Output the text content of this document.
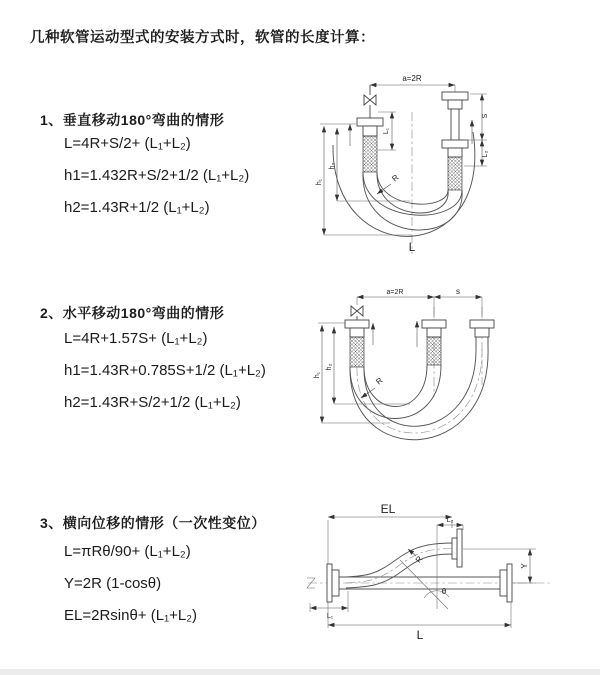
几种软管运动型式的安装方式时，软管的长度计算：
1、垂直移动180°弯曲的情形
L=4R+S/2+ (L₁+L₂)
h1=1.432R+S/2+1/2 (L₁+L₂)
h2=1.43R+1/2 (L₁+L₂)
a=2R
L₁
S
L₂
h₁
h₂
R
L
2、水平移动180°弯曲的情形
L=4R+1.57S+ (L₁+L₂)
h1=1.43R+0.785S+1/2 (L₁+L₂)
h2=1.43R+S/2+1/2 (L₁+L₂)
a=2R	s
h₁
h₂
R
3、横向位移的情形（一次性变位）
L=πRθ/90+ (L₁+L₂)
Y=2R (1-cosθ)
EL=2Rsinθ+ (L₁+L₂)
EL
L₂
θ
R
L₁
L
Y
